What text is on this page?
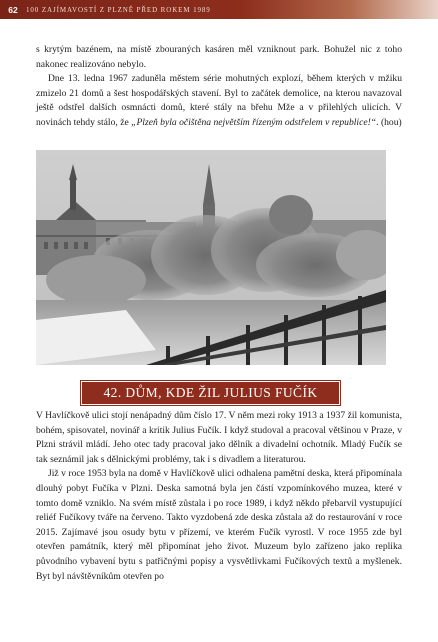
62	100 ZAJÍMAVOSTÍ Z PLZNĚ PŘED ROKEM 1989

s krytým bazénem, na místě zbouraných kasáren měl vzniknout park. Bohužel nic z toho nakonec realizováno nebylo.

Dne 13. ledna 1967 zaduněla městem série mohutných explozí, během kterých v mžiku zmizelo 21 domů a šest hospodářských stavení. Byl to začátek demolice, na kterou navazoval ještě odstřel dalších osmnácti domů, které stály na břehu Mže a v přilehlých ulicích. V novinách tehdy stálo, že „Plzeň byla očištěna největším řízeným odstřelem v republice!“. (hou)

42. DŮM, KDE ŽIL JULIUS FUČÍK

V Havlíčkově ulici stojí nenápadný dům číslo 17. V něm mezi roky 1913 a 1937 žil komunista, bohém, spisovatel, novinář a kritik Julius Fučík. I když studoval a pracoval většinou v Praze, v Plzni strávil mládí. Jeho otec tady pracoval jako dělník a divadelní ochotník. Mladý Fučík se tak seznámil jak s dělnickými problémy, tak i s divadlem a literaturou.

Již v roce 1953 byla na domě v Havlíčkově ulici odhalena pamětní deska, která připomínala dlouhý pobyt Fučíka v Plzni. Deska samotná byla jen částí vzpomínkového muzea, které v tomto domě vzniklo. Na svém místě zůstala i po roce 1989, i když někdo přebarvil vystupující reliéf Fučíkovy tváře na červeno. Takto vyzdobená zde deska zůstala až do restaurování v roce 2015. Zajímavé jsou osudy bytu v přízemí, ve kterém Fučík vyrostl. V roce 1955 zde byl otevřen památník, který měl připomínat jeho život. Muzeum bylo zařízeno jako replika původního vybavení bytu s patřičnými popisy a vysvětlivkami Fučíkových textů a myšlenek. Byt byl návštěvníkům otevřen po
